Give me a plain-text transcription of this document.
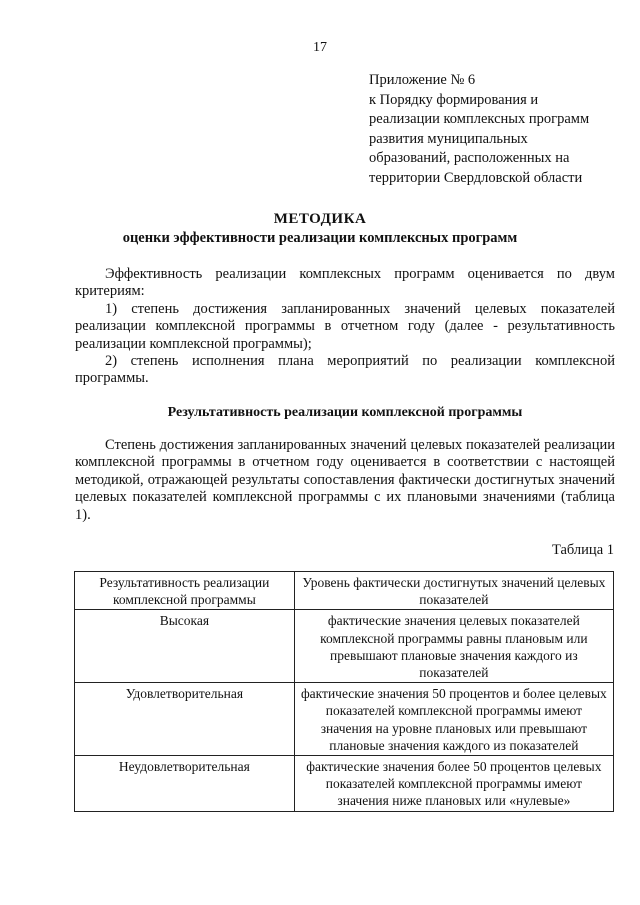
17
Приложение № 6
к Порядку формирования и
реализации комплексных программ
развития муниципальных
образований, расположенных на
территории Свердловской области
МЕТОДИКА
оценки эффективности реализации комплексных программ

Эффективность реализации комплексных программ оценивается по двум критериям:

1) степень достижения запланированных значений целевых показателей реализации комплексной программы в отчетном году (далее - результативность реализации комплексной программы);

2) степень исполнения плана мероприятий по реализации комплексной программы.

Результативность реализации комплексной программы

Степень достижения запланированных значений целевых показателей реализации комплексной программы в отчетном году оценивается в соответствии с настоящей методикой, отражающей результаты сопоставления фактически достигнутых значений целевых показателей комплексной программы с их плановыми значениями (таблица 1).

Таблица 1
Результативность реализации комплексной программы	Уровень фактически достигнутых значений целевых показателей
Высокая	фактические значения целевых показателей комплексной программы равны плановым или превышают плановые значения каждого из показателей
Удовлетворительная	фактические значения 50 процентов и более целевых показателей комплексной программы имеют значения на уровне плановых или превышают плановые значения каждого из показателей
Неудовлетворительная	фактические значения более 50 процентов целевых показателей комплексной программы имеют значения ниже плановых или «нулевые»
